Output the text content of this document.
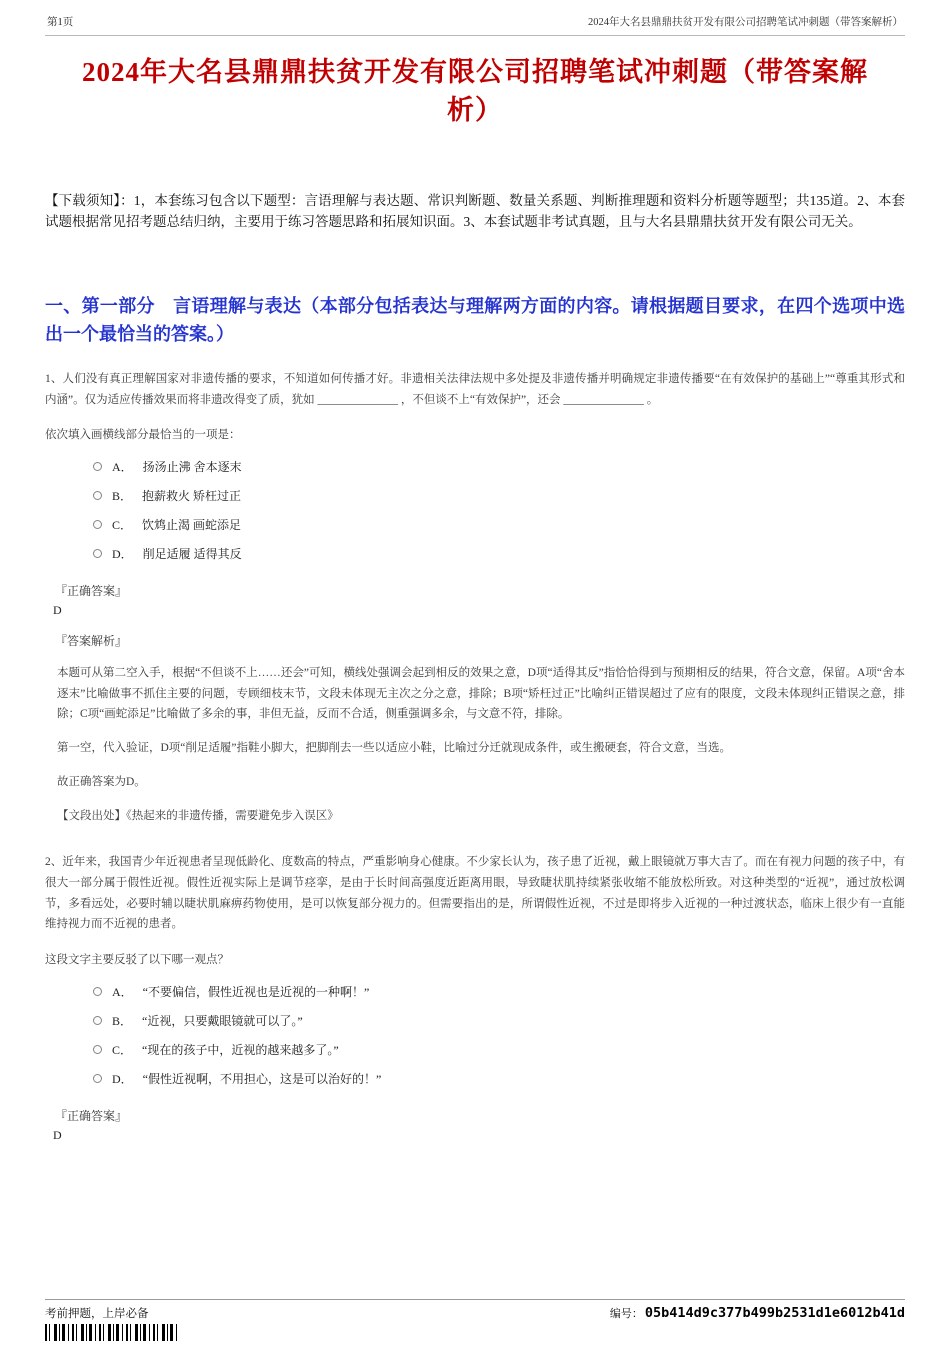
第1页	2024年大名县鼎鼎扶贫开发有限公司招聘笔试冲刺题（带答案解析）
2024年大名县鼎鼎扶贫开发有限公司招聘笔试冲刺题（带答案解析）

【下载须知】：1，本套练习包含以下题型：言语理解与表达题、常识判断题、数量关系题、判断推理题和资料分析题等题型；共135道。2、本套试题根据常见招考题总结归纳，主要用于练习答题思路和拓展知识面。3、本套试题非考试真题，且与大名县鼎鼎扶贫开发有限公司无关。

一、第一部分　言语理解与表达（本部分包括表达与理解两方面的内容。请根据题目要求，在四个选项中选出一个最恰当的答案。）

1、人们没有真正理解国家对非遗传播的要求，不知道如何传播才好。非遗相关法律法规中多处提及非遗传播并明确规定非遗传播要“在有效保护的基础上”“尊重其形式和内涵”。仅为适应传播效果而将非遗改得变了质，犹如 ______________ ，不但谈不上“有效保护”，还会 ______________ 。

依次填入画横线部分最恰当的一项是：

A． 扬汤止沸 舍本逐末
B． 抱薪救火 矫枉过正
C． 饮鸩止渴 画蛇添足
D． 削足适履 适得其反

『正确答案』

D

『答案解析』

本题可从第二空入手，根据“不但谈不上……还会”可知，横线处强调会起到相反的效果之意，D项“适得其反”指恰恰得到与预期相反的结果，符合文意，保留。A项“舍本逐末”比喻做事不抓住主要的问题，专顾细枝末节，文段未体现无主次之分之意，排除；B项“矫枉过正”比喻纠正错误超过了应有的限度，文段未体现纠正错误之意，排除；C项“画蛇添足”比喻做了多余的事，非但无益，反而不合适，侧重强调多余，与文意不符，排除。

第一空，代入验证，D项“削足适履”指鞋小脚大，把脚削去一些以适应小鞋，比喻过分迁就现成条件，或生搬硬套，符合文意，当选。

故正确答案为D。

【文段出处】《热起来的非遗传播，需要避免步入误区》

2、近年来，我国青少年近视患者呈现低龄化、度数高的特点，严重影响身心健康。不少家长认为，孩子患了近视，戴上眼镜就万事大吉了。而在有视力问题的孩子中，有很大一部分属于假性近视。假性近视实际上是调节痉挛，是由于长时间高强度近距离用眼，导致睫状肌持续紧张收缩不能放松所致。对这种类型的“近视”，通过放松调节，多看远处，必要时辅以睫状肌麻痹药物使用，是可以恢复部分视力的。但需要指出的是，所谓假性近视，不过是即将步入近视的一种过渡状态，临床上很少有一直能维持视力而不近视的患者。

这段文字主要反驳了以下哪一观点？

A． “不要偏信，假性近视也是近视的一种啊！”
B． “近视，只要戴眼镜就可以了。”
C． “现在的孩子中，近视的越来越多了。”
D． “假性近视啊，不用担心，这是可以治好的！”

『正确答案』

D

考前押题，上岸必备	编号： 05b414d9c377b499b2531d1e6012b41d
